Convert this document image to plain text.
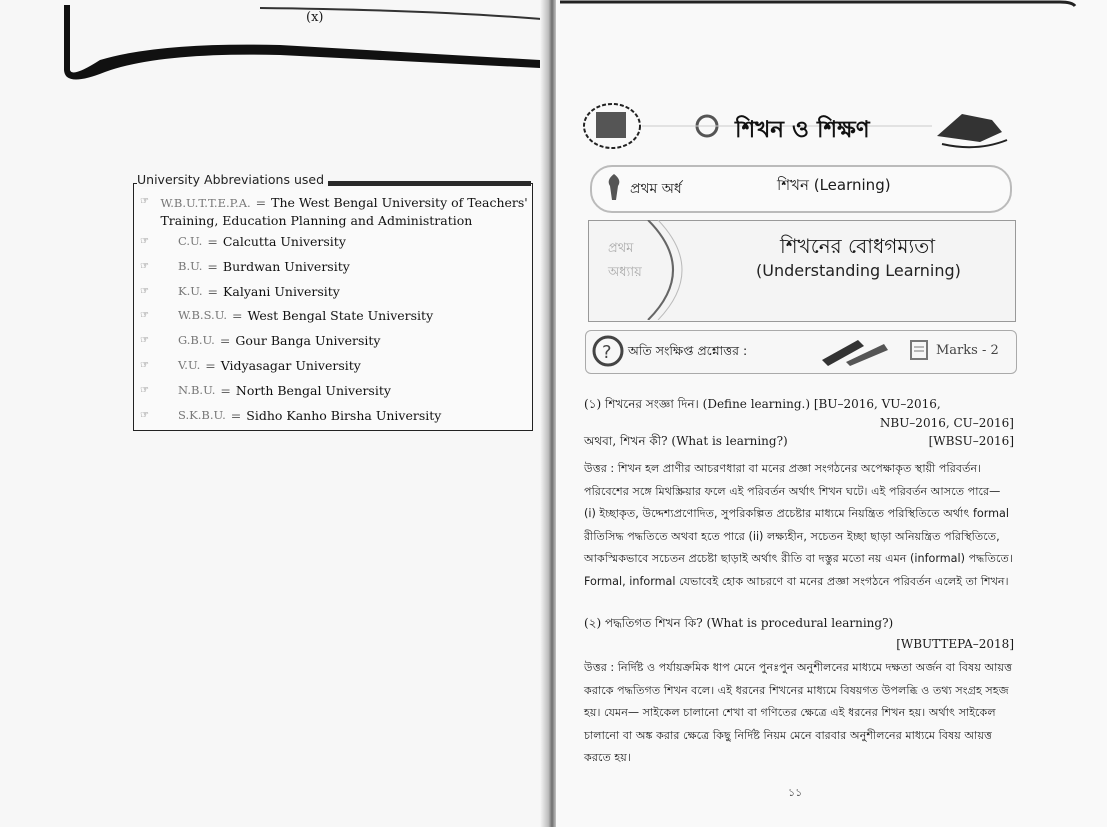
(x)
University Abbreviations used
☞ W.B.U.T.T.E.P.A. = The West Bengal University of Teachers' Training, Education Planning and Administration
☞	C.U. = Calcutta University
☞	B.U. = Burdwan University
☞	K.U. = Kalyani University
☞	W.B.S.U. = West Bengal State University
☞	G.B.U. = Gour Banga University
☞	V.U. = Vidyasagar University
☞	N.B.U. = North Bengal University
☞	S.K.B.U. = Sidho Kanho Birsha University
শিখন ও শিক্ষণ
প্রথম অর্ধ	শিখন (Learning)
প্রথম অধ্যায়
শিখনের বোধগম্যতা
(Understanding Learning)
? অতি সংক্ষিপ্ত প্রশ্নোত্তর :	Marks - 2
(১) শিখনের সংজ্ঞা দিন। (Define learning.) [BU–2016, VU–2016,
NBU–2016, CU–2016]
অথবা, শিখন কী? (What is learning?)	[WBSU–2016]
উত্তর : শিখন হল প্রাণীর আচরণধারা বা মনের প্রজ্ঞা সংগঠনের অপেক্ষাকৃত স্থায়ী পরিবর্তন। পরিবেশের সঙ্গে মিথস্ক্রিয়ার ফলে এই পরিবর্তন অর্থাৎ শিখন ঘটে। এই পরিবর্তন আসতে পারে— (i) ইচ্ছাকৃত, উদ্দেশ্যপ্রণোদিত, সুপরিকল্পিত প্রচেষ্টার মাধ্যমে নিয়ন্ত্রিত পরিস্থিতিতে অর্থাৎ formal রীতিসিদ্ধ পদ্ধতিতে অথবা হতে পারে (ii) লক্ষ্যহীন, সচেতন ইচ্ছা ছাড়া অনিয়ন্ত্রিত পরিস্থিতিতে, আকস্মিকভাবে সচেতন প্রচেষ্টা ছাড়াই অর্থাৎ রীতি বা দস্তুর মতো নয় এমন (informal) পদ্ধতিতে। Formal, informal যেভাবেই হোক আচরণে বা মনের প্রজ্ঞা সংগঠনে পরিবর্তন এলেই তা শিখন।
(২) পদ্ধতিগত শিখন কি? (What is procedural learning?)
[WBUTTEPA–2018]
উত্তর : নির্দিষ্ট ও পর্যায়ক্রমিক ধাপ মেনে পুনঃপুন অনুশীলনের মাধ্যমে দক্ষতা অর্জন বা বিষয় আয়ত্ত করাকে পদ্ধতিগত শিখন বলে। এই ধরনের শিখনের মাধ্যমে বিষয়গত উপলব্ধি ও তথ্য সংগ্রহ সহজ হয়। যেমন— সাইকেল চালানো শেখা বা গণিতের ক্ষেত্রে এই ধরনের শিখন হয়। অর্থাৎ সাইকেল চালানো বা অঙ্ক করার ক্ষেত্রে কিছু নির্দিষ্ট নিয়ম মেনে বারবার অনুশীলনের মাধ্যমে বিষয় আয়ত্ত করতে হয়।
১১
